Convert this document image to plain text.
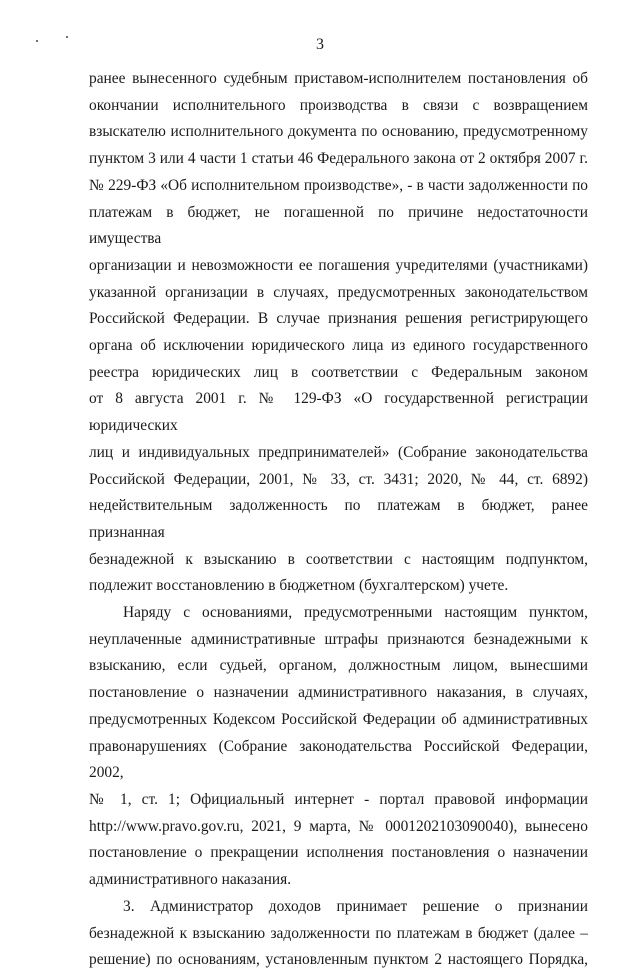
3
ранее вынесенного судебным приставом-исполнителем постановления об
окончании исполнительного производства в связи с возвращением
взыскателю исполнительного документа по основанию, предусмотренному
пунктом 3 или 4 части 1 статьи 46 Федерального закона от 2 октября 2007 г.
№ 229-ФЗ «Об исполнительном производстве», - в части задолженности по
платежам в бюджет, не погашенной по причине недостаточности имущества
организации и невозможности ее погашения учредителями (участниками)
указанной организации в случаях, предусмотренных законодательством
Российской Федерации. В случае признания решения регистрирующего
органа об исключении юридического лица из единого государственного
реестра юридических лиц в соответствии с Федеральным законом
от 8 августа 2001 г. № 129-ФЗ «О государственной регистрации юридических
лиц и индивидуальных предпринимателей» (Собрание законодательства
Российской Федерации, 2001, № 33, ст. 3431; 2020, № 44, ст. 6892)
недействительным задолженность по платежам в бюджет, ранее признанная
безнадежной к взысканию в соответствии с настоящим подпунктом,
подлежит восстановлению в бюджетном (бухгалтерском) учете.
Наряду с основаниями, предусмотренными настоящим пунктом,
неуплаченные административные штрафы признаются безнадежными к
взысканию, если судьей, органом, должностным лицом, вынесшими
постановление о назначении административного наказания, в случаях,
предусмотренных Кодексом Российской Федерации об административных
правонарушениях (Собрание законодательства Российской Федерации, 2002,
№ 1, ст. 1; Официальный интернет - портал правовой информации
http://www.pravo.gov.ru, 2021, 9 марта, № 0001202103090040), вынесено
постановление о прекращении исполнения постановления о назначении
административного наказания.
3. Администратор доходов принимает решение о признании
безнадежной к взысканию задолженности по платежам в бюджет (далее –
решение) по основаниям, установленным пунктом 2 настоящего Порядка,
